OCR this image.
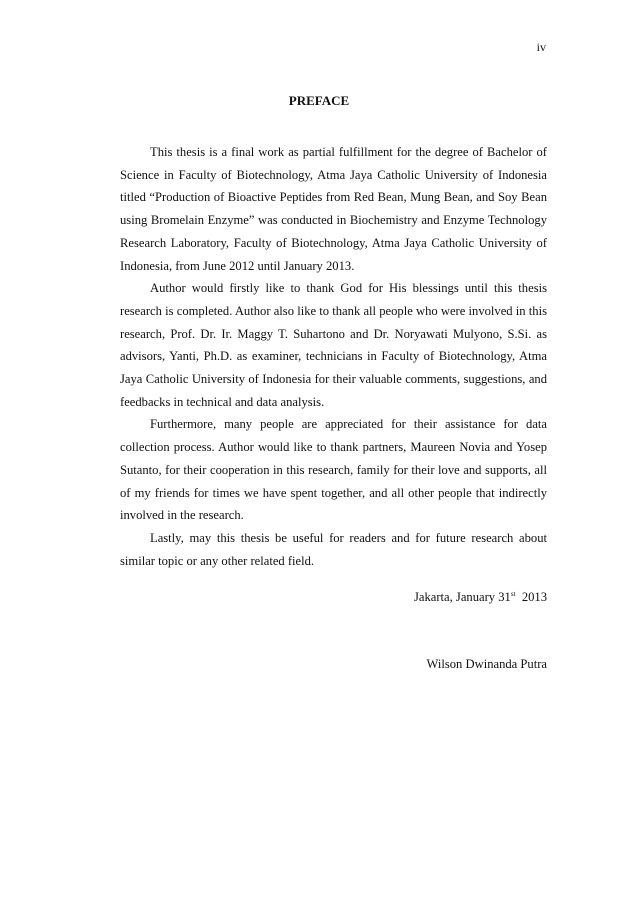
iv
PREFACE

This thesis is a final work as partial fulfillment for the degree of Bachelor of Science in Faculty of Biotechnology, Atma Jaya Catholic University of Indonesia titled “Production of Bioactive Peptides from Red Bean, Mung Bean, and Soy Bean using Bromelain Enzyme” was conducted in Biochemistry and Enzyme Technology Research Laboratory, Faculty of Biotechnology, Atma Jaya Catholic University of Indonesia, from June 2012 until January 2013.

Author would firstly like to thank God for His blessings until this thesis research is completed. Author also like to thank all people who were involved in this research, Prof. Dr. Ir. Maggy T. Suhartono and Dr. Noryawati Mulyono, S.Si. as advisors, Yanti, Ph.D. as examiner, technicians in Faculty of Biotechnology, Atma Jaya Catholic University of Indonesia for their valuable comments, suggestions, and feedbacks in technical and data analysis.

Furthermore, many people are appreciated for their assistance for data collection process. Author would like to thank partners, Maureen Novia and Yosep Sutanto, for their cooperation in this research, family for their love and supports, all of my friends for times we have spent together, and all other people that indirectly involved in the research.

Lastly, may this thesis be useful for readers and for future research about similar topic or any other related field.

Jakarta, January 31st 2013
Wilson Dwinanda Putra
